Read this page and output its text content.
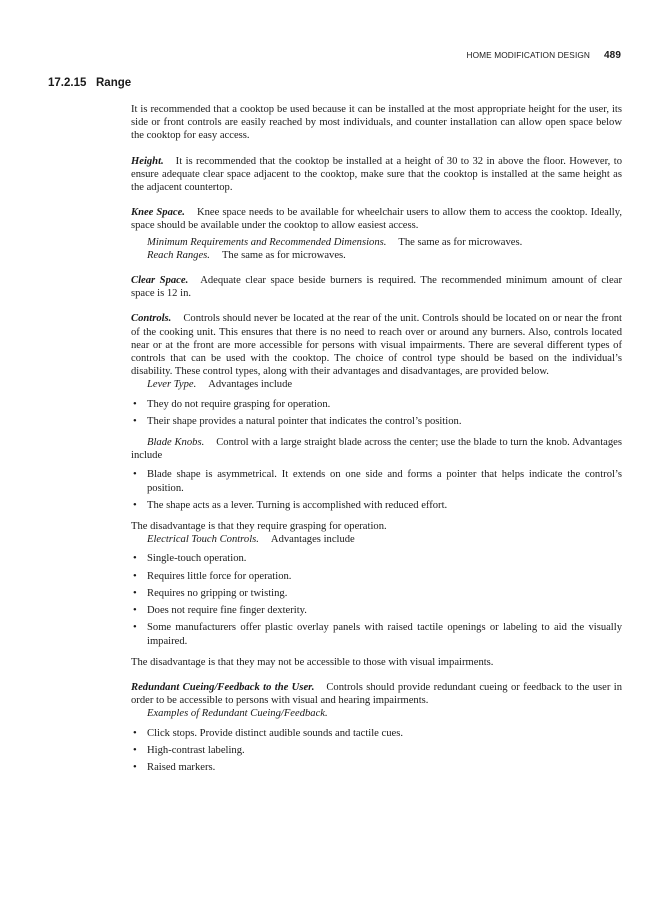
HOME MODIFICATION DESIGN 489
17.2.15 Range

It is recommended that a cooktop be used because it can be installed at the most appropriate height for the user, its side or front controls are easily reached by most individuals, and counter installation can allow open space below the cooktop for easy access.

Height. It is recommended that the cooktop be installed at a height of 30 to 32 in above the floor. However, to ensure adequate clear space adjacent to the cooktop, make sure that the cooktop is installed at the same height as the adjacent countertop.

Knee Space. Knee space needs to be available for wheelchair users to allow them to access the cooktop. Ideally, space should be available under the cooktop to allow easiest access.

Minimum Requirements and Recommended Dimensions. The same as for microwaves.
Reach Ranges. The same as for microwaves.

Clear Space. Adequate clear space beside burners is required. The recommended minimum amount of clear space is 12 in.

Controls. Controls should never be located at the rear of the unit. Controls should be located on or near the front of the cooking unit. This ensures that there is no need to reach over or around any burners. Also, controls located near or at the front are more accessible for persons with visual impairments. There are several different types of controls that can be used with the cooktop. The choice of control type should be based on the individual’s disability. These control types, along with their advantages and disadvantages, are provided below.

Lever Type. Advantages include
• They do not require grasping for operation.
• Their shape provides a natural pointer that indicates the control’s position.

Blade Knobs. Control with a large straight blade across the center; use the blade to turn the knob. Advantages include

• Blade shape is asymmetrical. It extends on one side and forms a pointer that helps indicate the control’s position.
• The shape acts as a lever. Turning is accomplished with reduced effort.

The disadvantage is that they require grasping for operation.

Electrical Touch Controls. Advantages include
• Single-touch operation.
• Requires little force for operation.
• Requires no gripping or twisting.
• Does not require fine finger dexterity.
• Some manufacturers offer plastic overlay panels with raised tactile openings or labeling to aid the visually impaired.

The disadvantage is that they may not be accessible to those with visual impairments.

Redundant Cueing/Feedback to the User. Controls should provide redundant cueing or feedback to the user in order to be accessible to persons with visual and hearing impairments.

Examples of Redundant Cueing/Feedback.
• Click stops. Provide distinct audible sounds and tactile cues.
• High-contrast labeling.
• Raised markers.
